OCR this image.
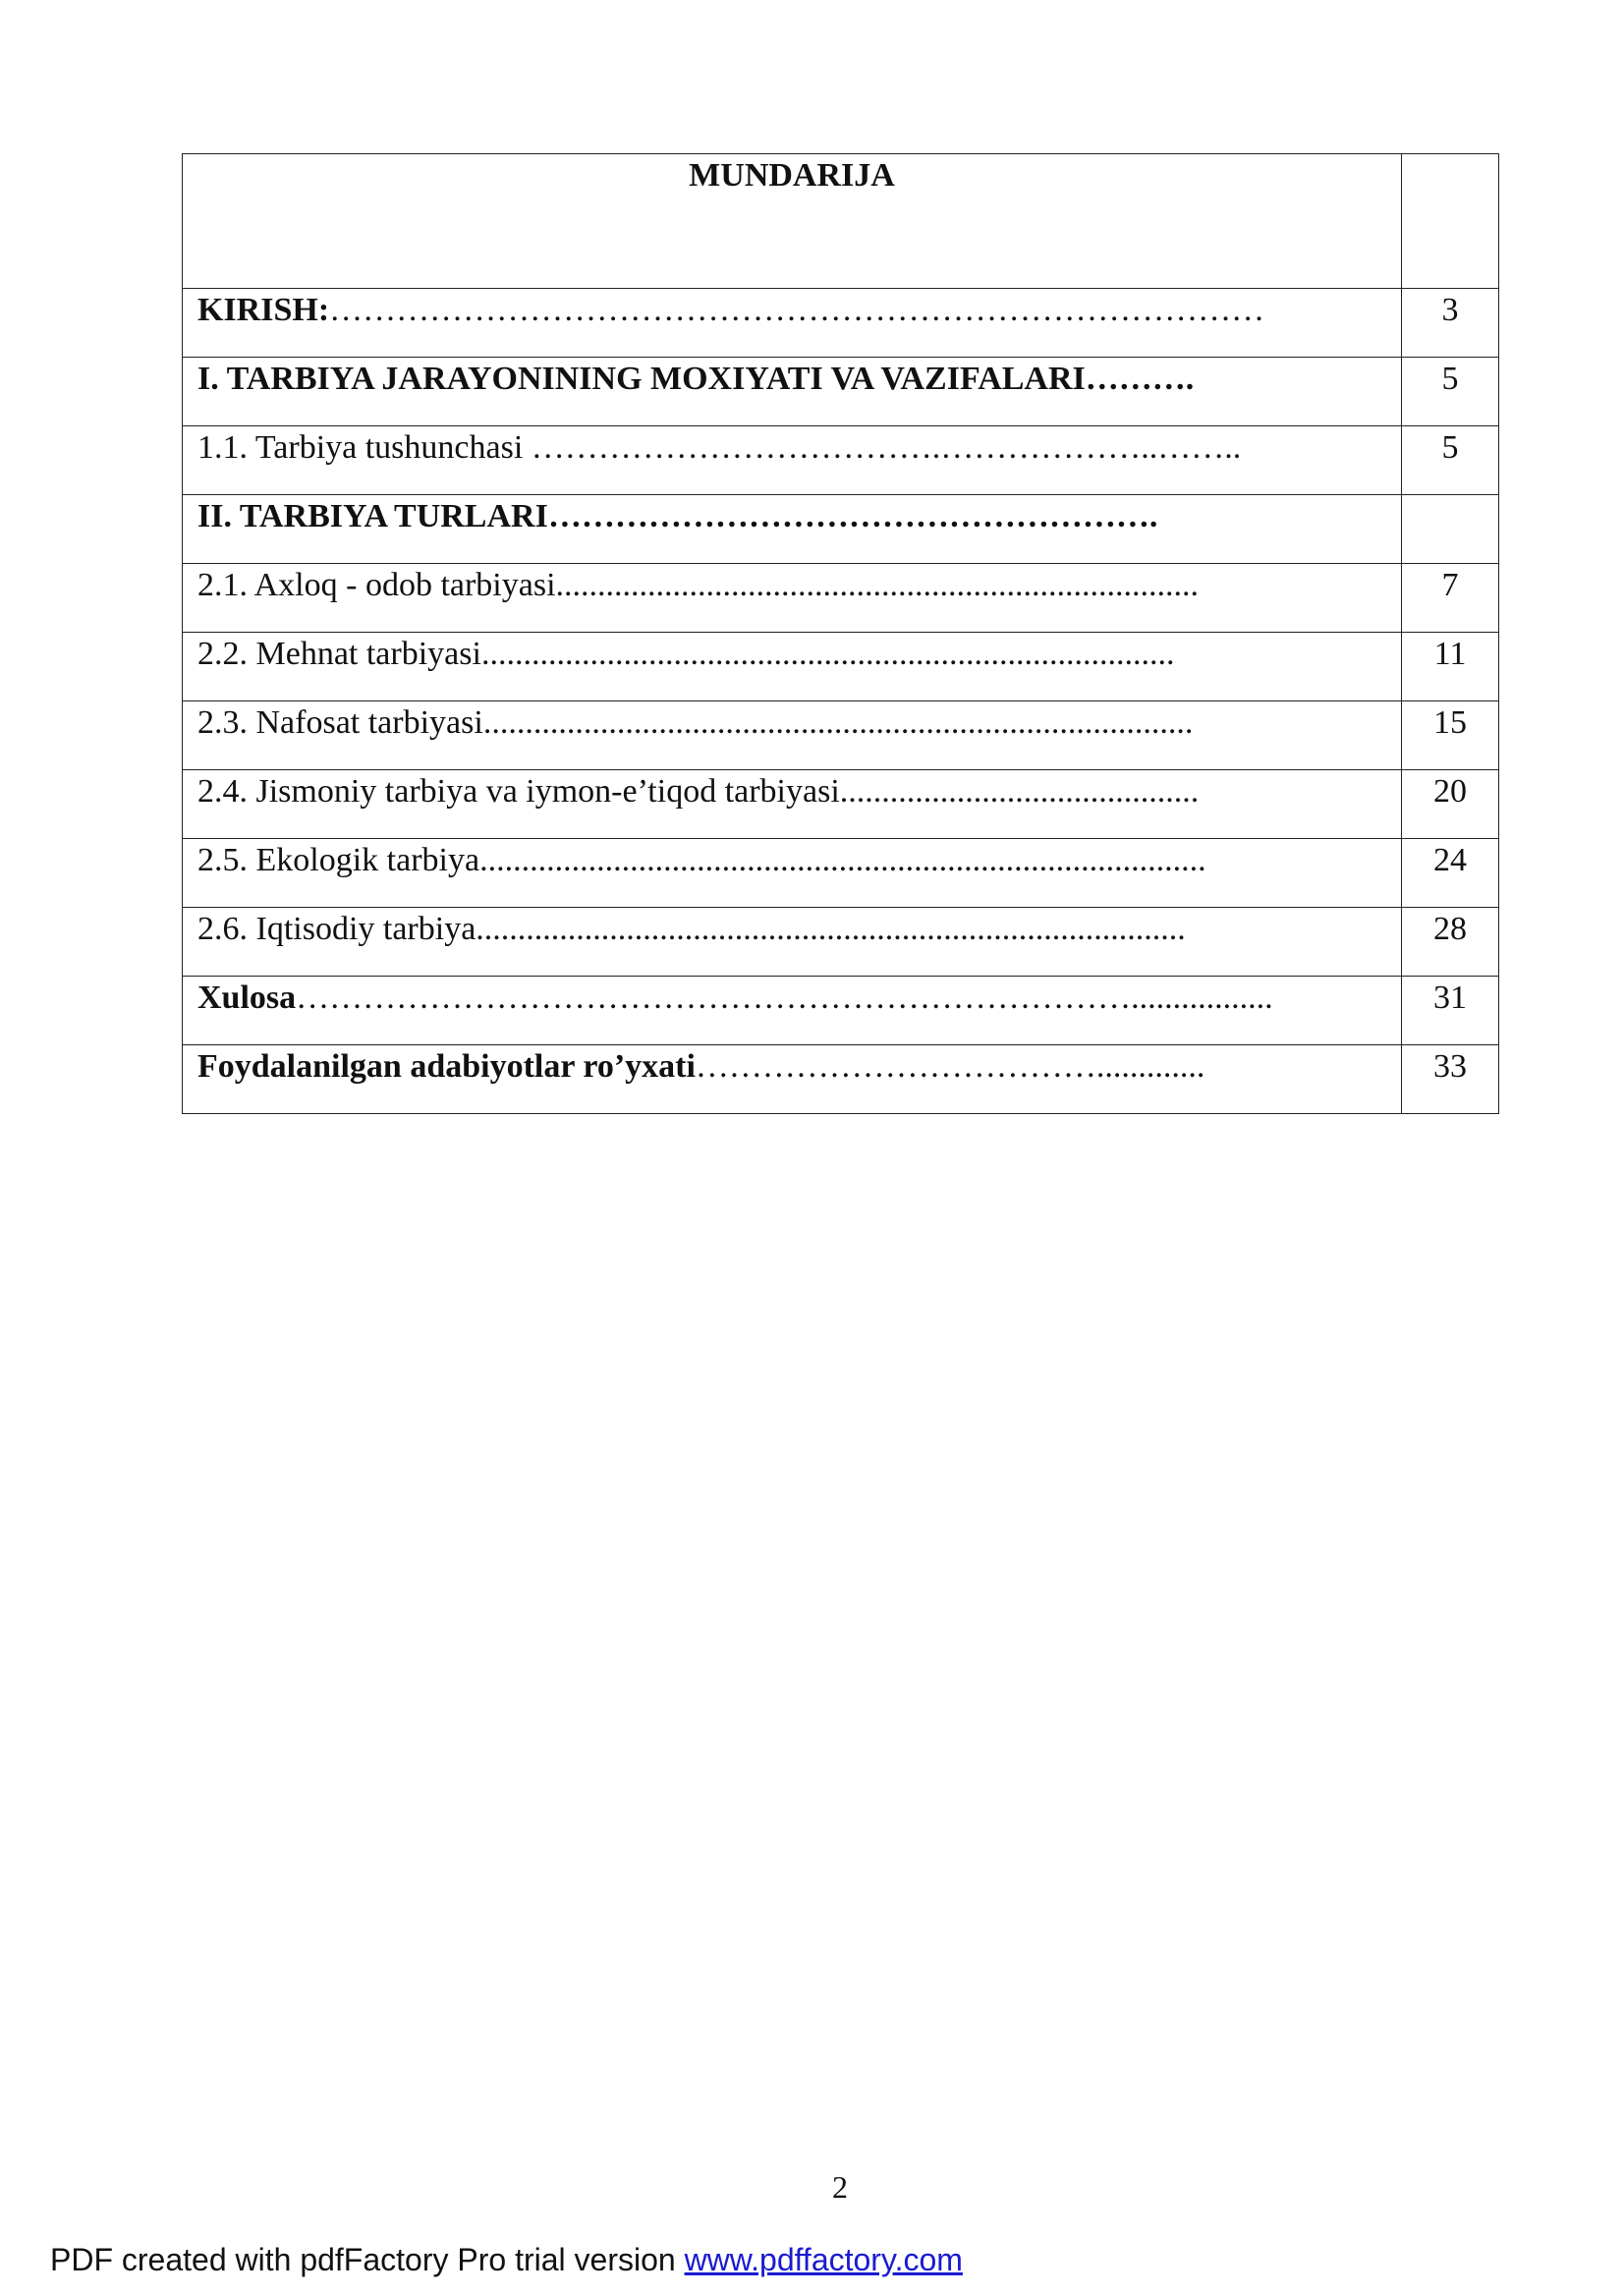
MUNDARIJA	
KIRISH:…………………………………………………………………………	3
I. TARBIYA JARAYONINING MOXIYATI VA VAZIFALARI……….	5
1.1. Tarbiya tushunchasi ……………………………….………………..……..	5
II. TARBIYA TURLARI……………………………………………….	
2.1. Axloq - odob tarbiyasi.............................................................................	7
2.2. Mehnat tarbiyasi...................................................................................	11
2.3. Nafosat tarbiyasi.....................................................................................	15
2.4. Jismoniy tarbiya va iymon-e’tiqod tarbiyasi...........................................	20
2.5. Ekologik tarbiya.......................................................................................	24
2.6. Iqtisodiy tarbiya.....................................................................................	28
Xulosa………………………………………………………………….................	31
Foydalanilgan adabiyotlar ro’yxati……………………………….............	33
2
PDF created with pdfFactory Pro trial version www.pdffactory.com
